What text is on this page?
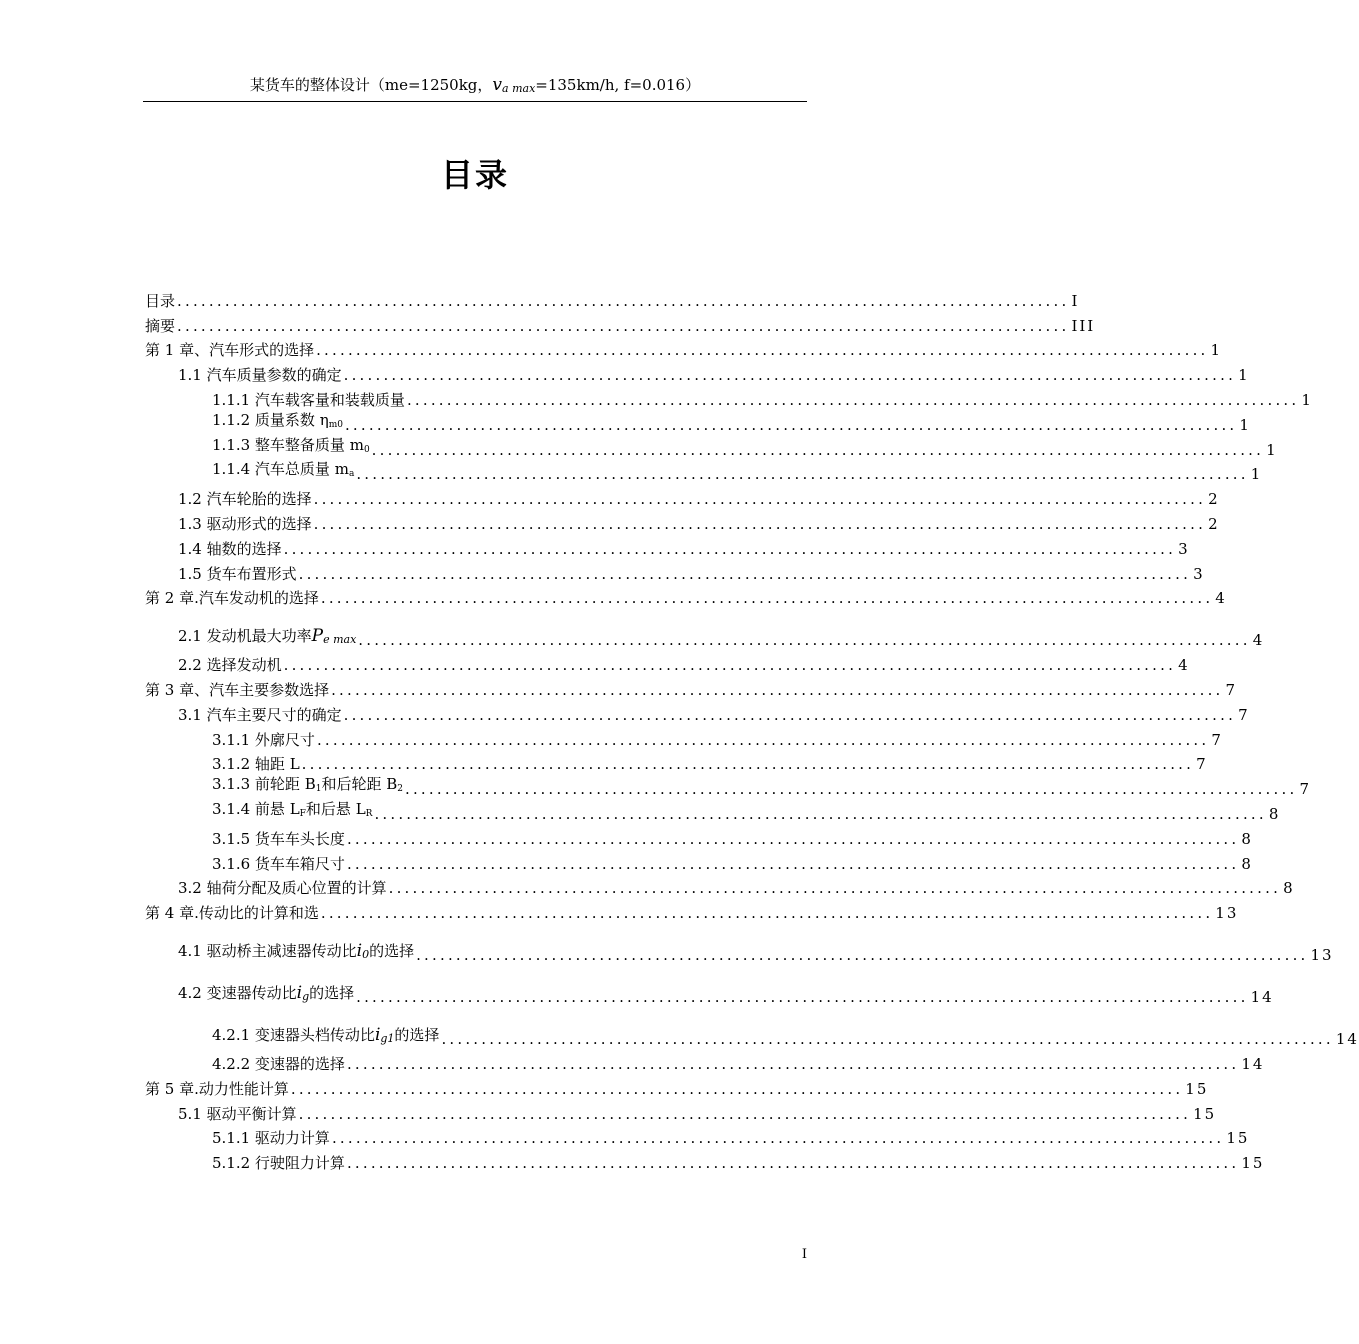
某货车的整体设计（me=1250kg，va max=135km/h, f=0.016）
目录
目录 ................................................................................................................ I
摘要 ................................................................................................................ III
第 1 章、汽车形式的选择 ................................................................................................................ 1
1.1 汽车质量参数的确定 ................................................................................................................ 1
1.1.1 汽车载客量和装载质量 ................................................................................................................ 1
1.1.2 质量系数 $\eta_{m0}$ ................................................................................................................ 1
1.1.3 整车整备质量 $m_0$ ................................................................................................................ 1
1.1.4 汽车总质量 $m_a$ ................................................................................................................ 1
1.2 汽车轮胎的选择 ................................................................................................................ 2
1.3 驱动形式的选择 ................................................................................................................ 2
1.4 轴数的选择 ................................................................................................................ 3
1.5 货车布置形式 ................................................................................................................ 3
第 2 章.汽车发动机的选择 ................................................................................................................ 4
2.1 发动机最大功率Pe max ................................................................................................................ 4
2.2 选择发动机 ................................................................................................................ 4
第 3 章、汽车主要参数选择 ................................................................................................................ 7
3.1 汽车主要尺寸的确定 ................................................................................................................ 7
3.1.1 外廓尺寸 ................................................................................................................ 7
3.1.2 轴距 L ................................................................................................................ 7
3.1.3 前轮距 $B_1$和后轮距 $B_2$ ................................................................................................................ 7
3.1.4 前悬 $L_F$和后悬 $L_R$ ................................................................................................................ 8
3.1.5 货车车头长度 ................................................................................................................ 8
3.1.6 货车车箱尺寸 ................................................................................................................ 8
3.2 轴荷分配及质心位置的计算 ................................................................................................................ 8
第 4 章.传动比的计算和选 ................................................................................................................ 13
4.1 驱动桥主减速器传动比i0的选择 ................................................................................................................ 13
4.2 变速器传动比ig的选择 ................................................................................................................ 14
4.2.1 变速器头档传动比ig1的选择 ................................................................................................................ 14
4.2.2 变速器的选择 ................................................................................................................ 14
第 5 章.动力性能计算 ................................................................................................................ 15
5.1 驱动平衡计算 ................................................................................................................ 15
5.1.1 驱动力计算 ................................................................................................................ 15
5.1.2 行驶阻力计算 ................................................................................................................ 15
I
